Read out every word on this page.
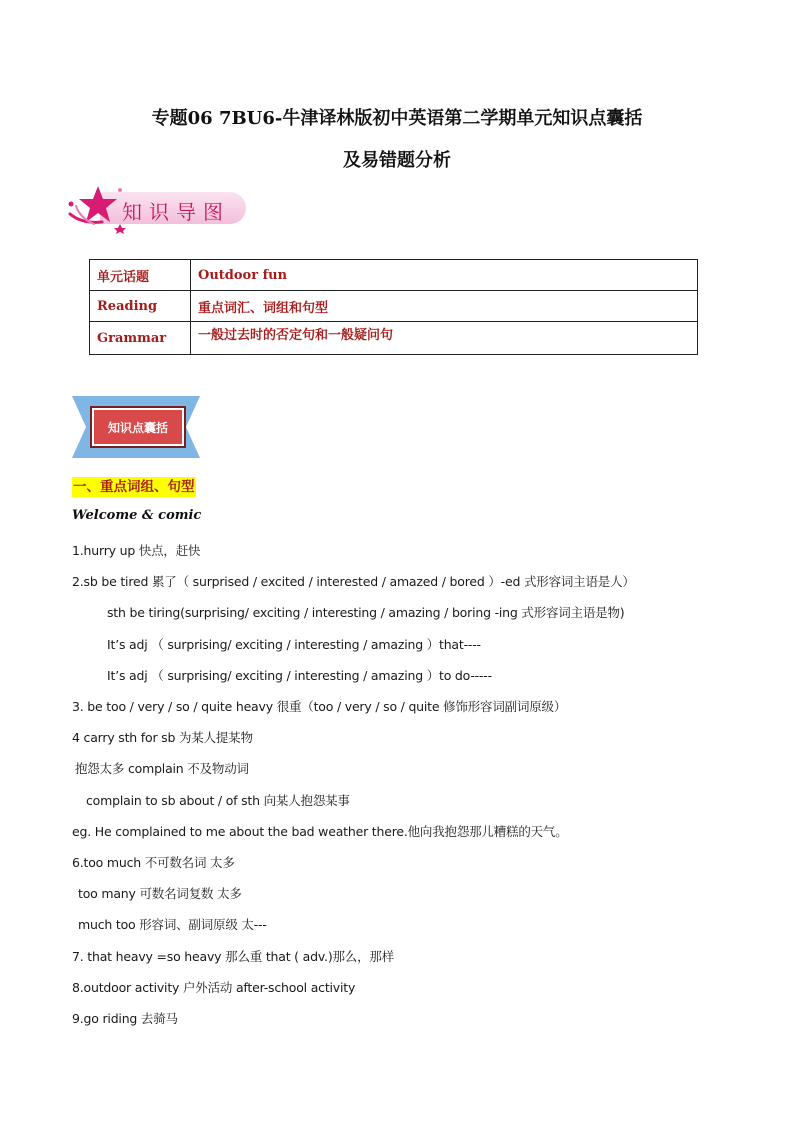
专题06 7BU6-牛津译林版初中英语第二学期单元知识点囊括
及易错题分析
知识导图
单元话题	Outdoor fun
Reading	重点词汇、词组和句型
Grammar	一般过去时的否定句和一般疑问句
知识点囊括
一、重点词组、句型
Welcome & comic
1.hurry up 快点，赶快
2.sb be tired 累了（ surprised / excited / interested / amazed / bored ）-ed 式形容词主语是人）
sth be tiring(surprising/ exciting / interesting / amazing / boring -ing 式形容词主语是物)
It’s adj （ surprising/ exciting / interesting / amazing ）that----
It’s adj （ surprising/ exciting / interesting / amazing ）to do-----
3. be too / very / so / quite heavy 很重（too / very / so / quite 修饰形容词副词原级）
4 carry sth for sb 为某人提某物
抱怨太多 complain 不及物动词
complain to sb about / of sth 向某人抱怨某事
eg. He complained to me about the bad weather there.他向我抱怨那儿糟糕的天气。
6.too much 不可数名词 太多
too many 可数名词复数 太多
much too 形容词、副词原级 太---
7. that heavy =so heavy 那么重 that ( adv.)那么，那样
8.outdoor activity 户外活动 after-school activity
9.go riding 去骑马
